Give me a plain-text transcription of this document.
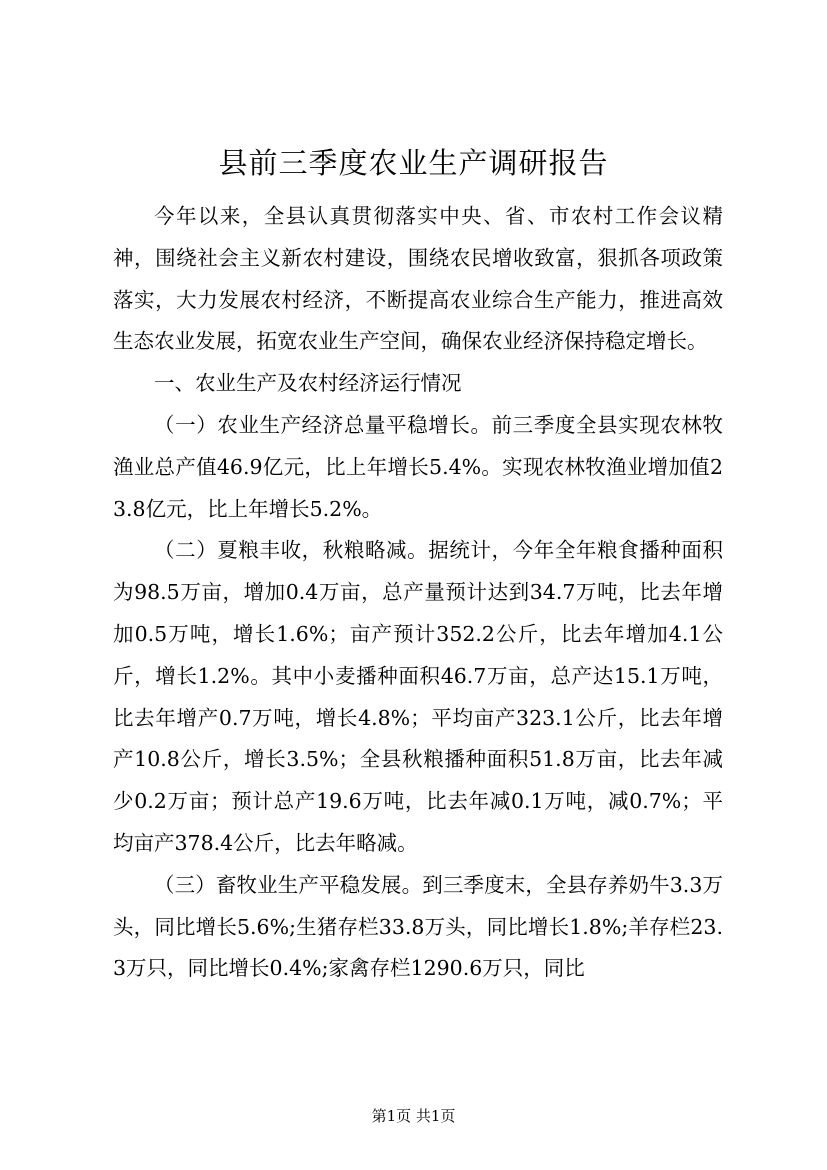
县前三季度农业生产调研报告

今年以来，全县认真贯彻落实中央、省、市农村工作会议精神，围绕社会主义新农村建设，围绕农民增收致富，狠抓各项政策落实，大力发展农村经济，不断提高农业综合生产能力，推进高效生态农业发展，拓宽农业生产空间，确保农业经济保持稳定增长。

一、农业生产及农村经济运行情况

（一）农业生产经济总量平稳增长。前三季度全县实现农林牧渔业总产值46.9亿元，比上年增长5.4%。实现农林牧渔业增加值23.8亿元，比上年增长5.2%。

（二）夏粮丰收，秋粮略减。据统计，今年全年粮食播种面积为98.5万亩，增加0.4万亩，总产量预计达到34.7万吨，比去年增加0.5万吨，增长1.6%；亩产预计352.2公斤，比去年增加4.1公斤，增长1.2%。其中小麦播种面积46.7万亩，总产达15.1万吨，比去年增产0.7万吨，增长4.8%；平均亩产323.1公斤，比去年增产10.8公斤，增长3.5%；全县秋粮播种面积51.8万亩，比去年减少0.2万亩；预计总产19.6万吨，比去年减0.1万吨，减0.7%；平均亩产378.4公斤，比去年略减。

（三）畜牧业生产平稳发展。到三季度末，全县存养奶牛3.3万头，同比增长5.6%;生猪存栏33.8万头，同比增长1.8%;羊存栏23.3万只，同比增长0.4%;家禽存栏1290.6万只，同比

第1页 共1页
